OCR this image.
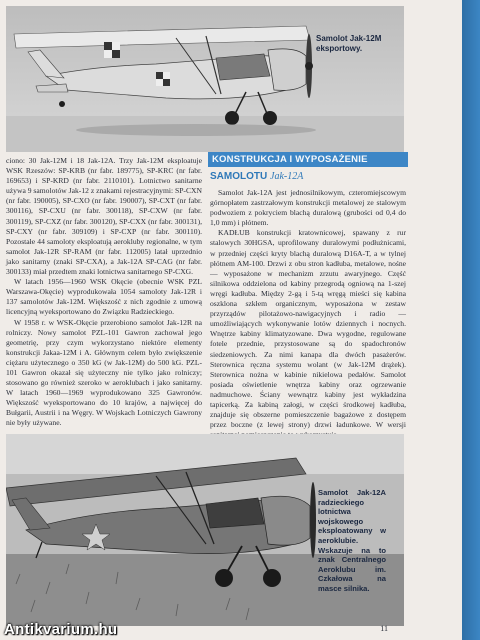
Samolot Jak-12M
eksportowy.

ciono: 30 Jak-12M i 18 Jak-12A. Trzy Jak-12M eksploatuje WSK Rzeszów: SP-KRB (nr fabr. 189775), SP-KRC (nr fabr. 169653) i SP-KRD (nr fabr. 2110101). Lotnictwo sanitarne używa 9 samolotów Jak-12 z znakami rejestracyjnymi: SP-CXN (nr fabr. 190005), SP-CXO (nr fabr. 190007), SP-CXT (nr fabr. 300116), SP-CXU (nr fabr. 300118), SP-CXW (nr fabr. 300119), SP-CXZ (nr fabr. 300120), SP-CXX (nr fabr. 300131), SP-CXY (nr fabr. 309109) i SP-CXP (nr fabr. 300110). Pozostałe 44 samoloty eksploatują aerokluby regionalne, w tym samolot Jak-12R SP-RAM (nr fabr. 112005) latał uprzednio jako sanitarny (znaki SP-CXA), a Jak-12A SP-CAG (nr fabr. 300133) miał przedtem znaki lotnictwa sanitarnego SP-CXG.

W latach 1956—1960 WSK Okęcie (obecnie WSK PZL Warszawa-Okęcie) wyprodukowała 1054 samoloty Jak-12R i 137 samolotów Jak-12M. Większość z nich zgodnie z umową licencyjną wyeksportowano do Związku Radzieckiego.

W 1958 r. w WSK-Okęcie przerobiono samolot Jak-12R na rolniczy. Nowy samolot PZL-101 Gawron zachował jego geometrię, przy czym wykorzystano niektóre elementy konstrukcji Jakaa-12M i A. Głównym celem było zwiększenie ciężaru użytecznego o 350 kG (w Jak-12M) do 500 kG. PZL-101 Gawron okazał się użyteczny nie tylko jako rolniczy; stosowano go również szeroko w aeroklubach i jako sanitarny. W latach 1960—1969 wyprodukowano 325 Gawronów. Większość wyeksportowano do 10 krajów, a najwięcej do Bułgarii, Austrii i na Węgry. W Wojskach Lotniczych Gawrony nie były używane.

KONSTRUKCJA I WYPOSAŻENIE
SAMOLOTU Jak-12A

Samolot Jak-12A jest jednosilnikowym, czteromiejscowym górnopłatem zastrzałowym konstrukcji metalowej ze stalowym podwoziem z pokryciem blachą duralową (grubości od 0,4 do 1,0 mm) i płótnem.

KADŁUB konstrukcji kratownicowej, spawany z rur stalowych 30HGSA, uprofilowany duralowymi podłużnicami, w przedniej części kryty blachą duralową D16A-T, a w tylnej płótnem AM-100. Drzwi z obu stron kadłuba, metalowe, nośne — wyposażone w mechanizm zrzutu awaryjnego. Część silnikowa oddzielona od kabiny przegrodą ogniową na 1-szej wręgi kadłuba. Między 2-gą i 5-tą wręgą mieści się kabina oszklona szkłem organicznym, wyposażona w zestaw przyrządów pilotażowo-nawigacyjnych i radio — umożliwiających wykonywanie lotów dziennych i nocnych. Wnętrze kabiny klimatyzowane. Dwa wygodne, regulowane fotele przednie, przystosowane są do spadochronów siedzeniowych. Za nimi kanapa dla dwóch pasażerów. Sterownica ręczna systemu wolant (w Jak-12M drążek). Sterownica nożna w kabinie nikielowa pedałów. Samolot posiada oświetlenie wnętrza kabiny oraz ogrzewanie nadmuchowe. Ściany wewnątrz kabiny jest wykładzina tapicerką. Za kabiną załogi, w części środkowej kadłuba, znajduje się obszerne pomieszczenie bagażowe z dostępem przez boczne (z lewej strony) drzwi ładunkowe. W wersji

Samolot Jak-12A radzieckiego lotnictwa wojskowego eksploatowany w aeroklubie. Wskazuje na to znak Centralnego Aeroklubu im. Czkałowa na masce silnika.
11
Antikvarium.hu
